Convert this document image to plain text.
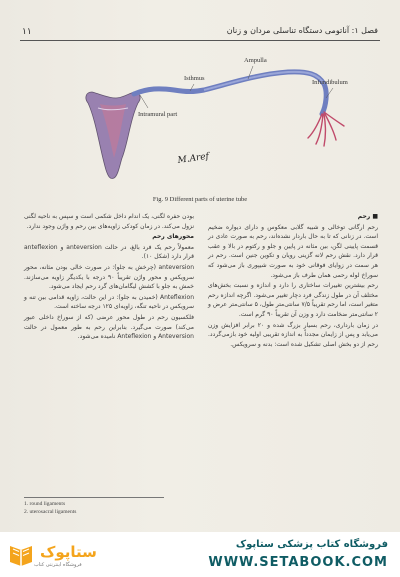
۱۱	فصل ۱: آناتومی دستگاه تناسلی مردان و زنان
Intramural part
Isthmus
Ampulla
Infundibulum
M.Aref
Fig. 9 Different parts of uterine tube

■ رحم

رحم ارگانی توخالی و شبیه گلابی معکوس و دارای دیواره ضخیم است. در زنانی که تا به حال باردار نشده‌اند، رحم به صورت عادی در قسمت پایینی لگن، بین مثانه در پایین و جلو و رکتوم در بالا و عقب قرار دارد. نقش رحم لانه گزینی رویان و تکوین جنین است. رحم در هر سمت در زوایای فوقانی خود به صورت شیپوری باز می‌شود که سوراخ لوله رحمی همان طرف باز می‌شود.

رحم بیشترین تغییرات ساختاری را دارد و اندازه و نسبت بخش‌های مختلف آن در طول زندگی فرد دچار تغییر می‌شود. اگرچه اندازه رحم متغیر است، اما رحم تقریباً ۷/۵ سانتی‌متر طول، ۵ سانتی‌متر عرض و ۲ سانتی‌متر ضخامت دارد و وزن آن تقریباً ۹۰ گرم است.

در زمان بارداری، رحم بسیار بزرگ شده و ۲۰ برابر افزایش وزن می‌یابد و پس از زایمان مجدداً به اندازه تقریبی اولیه خود بازمی‌گردد. رحم از دو بخش اصلی تشکیل شده است: بدنه و سرویکس.

بودن حفره لگنی، یک اندام داخل شکمی است و سپس به ناحیه لگنی نزول می‌کند. در زمان کودکی زاویه‌های بین رحم و واژن وجود ندارد.

محورهای رحم

معمولاً رحم یک فرد بالغ، در حالت anteversion و anteflexion قرار دارد (شکل ۱۰).

anteversion (چرخش به جلو): در صورت خالی بودن مثانه، محور سرویکس و محور واژن تقریباً ۹۰ درجه با یکدیگر زاویه می‌سازند. خمش به جلو با کشش لیگامان‌های گرد رحم ایجاد می‌شود.

Anteflexion (خمیدن به جلو): در این حالت، زاویه قدامی بین تنه و سرویکس در ناحیه تنگه، زاویه‌ای ۱۲۵ درجه ساخته است.

فلکسیون رحم در طول محور عرضی (که از سوراخ داخلی عبور می‌کند) صورت می‌گیرد. بنابراین رحم به طور معمول در حالت Anteversion و Anteflexion نامیده می‌شود.

1. round ligaments
2. uterosacral ligaments
ستاپوک
فروشگاه اینترنتی کتاب
فروشگاه کتاب پزشکی ستاپوک
WWW.SETABOOK.COM
